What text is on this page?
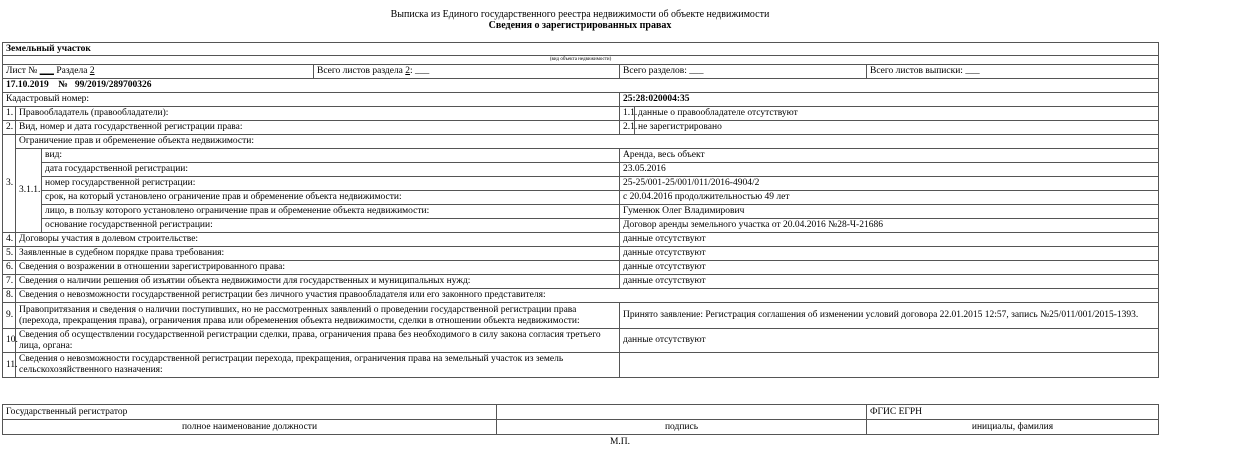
Выписка из Единого государственного реестра недвижимости об объекте недвижимости
Сведения о зарегистрированных правах
Земельный участок						
(вид объекта недвижимости)						
Лист № ___ Раздела 2			Всего листов раздела 2: ___	Всего разделов: ___		Всего листов выписки: ___
17.10.2019 № 99/2019/289700326						
Кадастровый номер:				25:28:020004:35		
1.	Правообладатель (правообладатели):			1.1.	данные о правообладателе отсутствуют	
2.	Вид, номер и дата государственной регистрации права:			2.1.	не зарегистрировано	
3.	Ограничение прав и обременение объекта недвижимости:					
	3.1.1.	вид:		Аренда, весь объект		
		дата государственной регистрации:		23.05.2016		
		номер государственной регистрации:		25-25/001-25/001/011/2016-4904/2		
		срок, на который установлено ограничение прав и обременение объекта недвижимости:		с 20.04.2016 продолжительностью 49 лет		
		лицо, в пользу которого установлено ограничение прав и обременение объекта недвижимости:		Гуменюк Олег Владимирович		
		основание государственной регистрации:		Договор аренды земельного участка от 20.04.2016 №28-Ч-21686		
4.	Договоры участия в долевом строительстве:			данные отсутствуют		
5.	Заявленные в судебном порядке права требования:			данные отсутствуют		
6.	Сведения о возражении в отношении зарегистрированного права:			данные отсутствуют		
7.	Сведения о наличии решения об изъятии объекта недвижимости для государственных и муниципальных нужд:			данные отсутствуют		
8.	Сведения о невозможности государственной регистрации без личного участия правообладателя или его законного представителя:					
9.	Правопритязания и сведения о наличии поступивших, но не рассмотренных заявлений о проведении государственной регистрации права (перехода, прекращения права), ограничения права или обременения объекта недвижимости, сделки в отношении объекта недвижимости:			Принято заявление: Регистрация соглашения об изменении условий договора 22.01.2015 12:57, запись №25/011/001/2015-1393.		
10.	Сведения об осуществлении государственной регистрации сделки, права, ограничения права без необходимого в силу закона согласия третьего лица, органа:			данные отсутствуют		
11.	Сведения о невозможности государственной регистрации перехода, прекращения, ограничения права на земельный участок из земель сельскохозяйственного назначения:					
Государственный регистратор		ФГИС ЕГРН
полное наименование должности	подпись	инициалы, фамилия
М.П.
